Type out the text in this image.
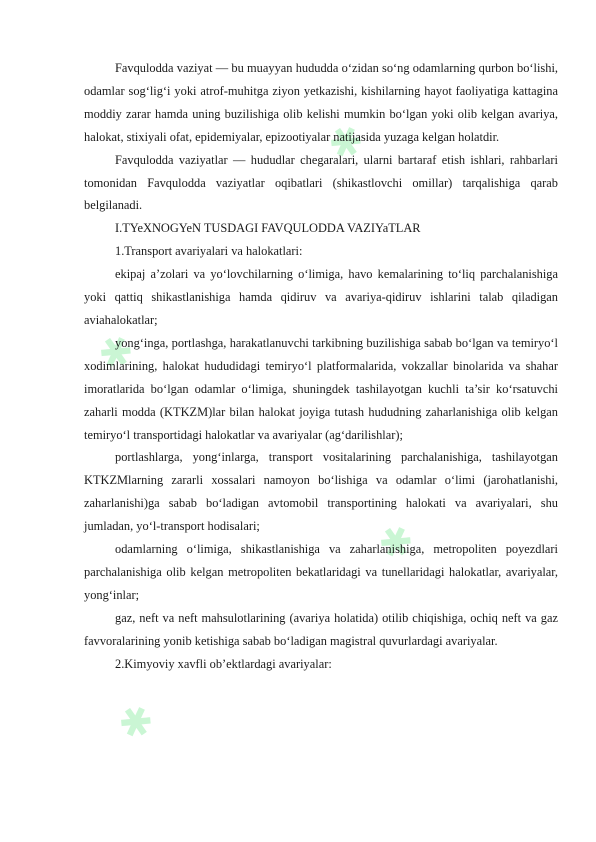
✱
✱
✱
✱

Favqulodda vaziyat — bu muayyan hududda o‘zidan so‘ng odamlarning qurbon bo‘lishi, odamlar sog‘lig‘i yoki atrof-muhitga ziyon yetkazishi, kishilarning hayot faoliyatiga kattagina moddiy zarar hamda uning buzilishiga olib kelishi mumkin bo‘lgan yoki olib kelgan avariya, halokat, stixiyali ofat, epidemiyalar, epizootiyalar natijasida yuzaga kelgan holatdir.

Favqulodda vaziyatlar — hududlar chegaralari, ularni bartaraf etish ishlari, rahbarlari tomonidan Favqulodda vaziyatlar oqibatlari (shikastlovchi omillar) tarqalishiga qarab belgilanadi.

I.TYeXNOGYeN TUSDAGI FAVQULODDA VAZIYaTLAR

1.Transport avariyalari va halokatlari:

ekipaj a’zolari va yo‘lovchilarning o‘limiga, havo kemalarining to‘liq parchalanishiga yoki qattiq shikastlanishiga hamda qidiruv va avariya-qidiruv ishlarini talab qiladigan aviahalokatlar;

yong‘inga, portlashga, harakatlanuvchi tarkibning buzilishiga sabab bo‘lgan va temiryo‘l xodimlarining, halokat hududidagi temiryo‘l platformalarida, vokzallar binolarida va shahar imoratlarida bo‘lgan odamlar o‘limiga, shuningdek tashilayotgan kuchli ta’sir ko‘rsatuvchi zaharli modda (KTKZM)lar bilan halokat joyiga tutash hududning zaharlanishiga olib kelgan temiryo‘l transportidagi halokatlar va avariyalar (ag‘darilishlar);

portlashlarga, yong‘inlarga, transport vositalarining parchalanishiga, tashilayotgan KTKZMlarning zararli xossalari namoyon bo‘lishiga va odamlar o‘limi (jarohatlanishi, zaharlanishi)ga sabab bo‘ladigan avtomobil transportining halokati va avariyalari, shu jumladan, yo‘l-transport hodisalari;

odamlarning o‘limiga, shikastlanishiga va zaharlanishiga, metropoliten poyezdlari parchalanishiga olib kelgan metropoliten bekatlaridagi va tunellaridagi halokatlar, avariyalar, yong‘inlar;

gaz, neft va neft mahsulotlarining (avariya holatida) otilib chiqishiga, ochiq neft va gaz favvoralarining yonib ketishiga sabab bo‘ladigan magistral quvurlardagi avariyalar.

2.Kimyoviy xavfli ob’ektlardagi avariyalar:
